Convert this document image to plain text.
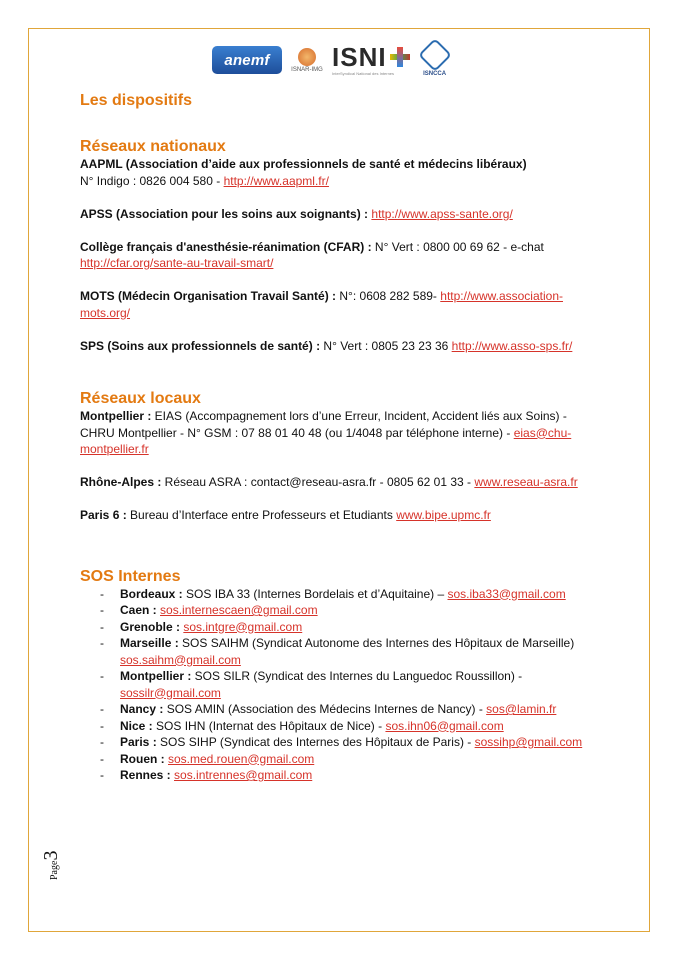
anemf
ISNAR-IMG ISNI
InterSyndical National des Internes	ISNCCA

Les dispositifs

Réseaux nationaux

AAPML (Association d’aide aux professionnels de santé et médecins libéraux)

N° Indigo : 0826 004 580 - http://www.aapml.fr/

APSS (Association pour les soins aux soignants) : http://www.apss-sante.org/

Collège français d'anesthésie-réanimation (CFAR) : N° Vert : 0800 00 69 62 - e-chat

http://cfar.org/sante-au-travail-smart/

MOTS (Médecin Organisation Travail Santé) : N°: 0608 282 589- http://www.association-

mots.org/

SPS (Soins aux professionnels de santé) : N° Vert : 0805 23 23 36 http://www.asso-sps.fr/

Réseaux locaux

Montpellier : EIAS (Accompagnement lors d’une Erreur, Incident, Accident liés aux Soins) -

CHRU Montpellier - N° GSM : 07 88 01 40 48 (ou 1/4048 par téléphone interne) - eias@chu-

montpellier.fr

Rhône-Alpes : Réseau ASRA : contact@reseau-asra.fr - 0805 62 01 33 - www.reseau-asra.fr

Paris 6 : Bureau d’Interface entre Professeurs et Etudiants www.bipe.upmc.fr

SOS Internes

- Bordeaux : SOS IBA 33 (Internes Bordelais et d’Aquitaine) – sos.iba33@gmail.com
- Caen : sos.internescaen@gmail.com
- Grenoble : sos.intgre@gmail.com
- Marseille : SOS SAIHM (Syndicat Autonome des Internes des Hôpitaux de Marseille)
sos.saihm@gmail.com
- Montpellier : SOS SILR (Syndicat des Internes du Languedoc Roussillon) -
sossilr@gmail.com
- Nancy : SOS AMIN (Association des Médecins Internes de Nancy) - sos@lamin.fr
- Nice : SOS IHN (Internat des Hôpitaux de Nice) - sos.ihn06@gmail.com
- Paris : SOS SIHP (Syndicat des Internes des Hôpitaux de Paris) - sossihp@gmail.com
- Rouen : sos.med.rouen@gmail.com
- Rennes : sos.intrennes@gmail.com
Page3
